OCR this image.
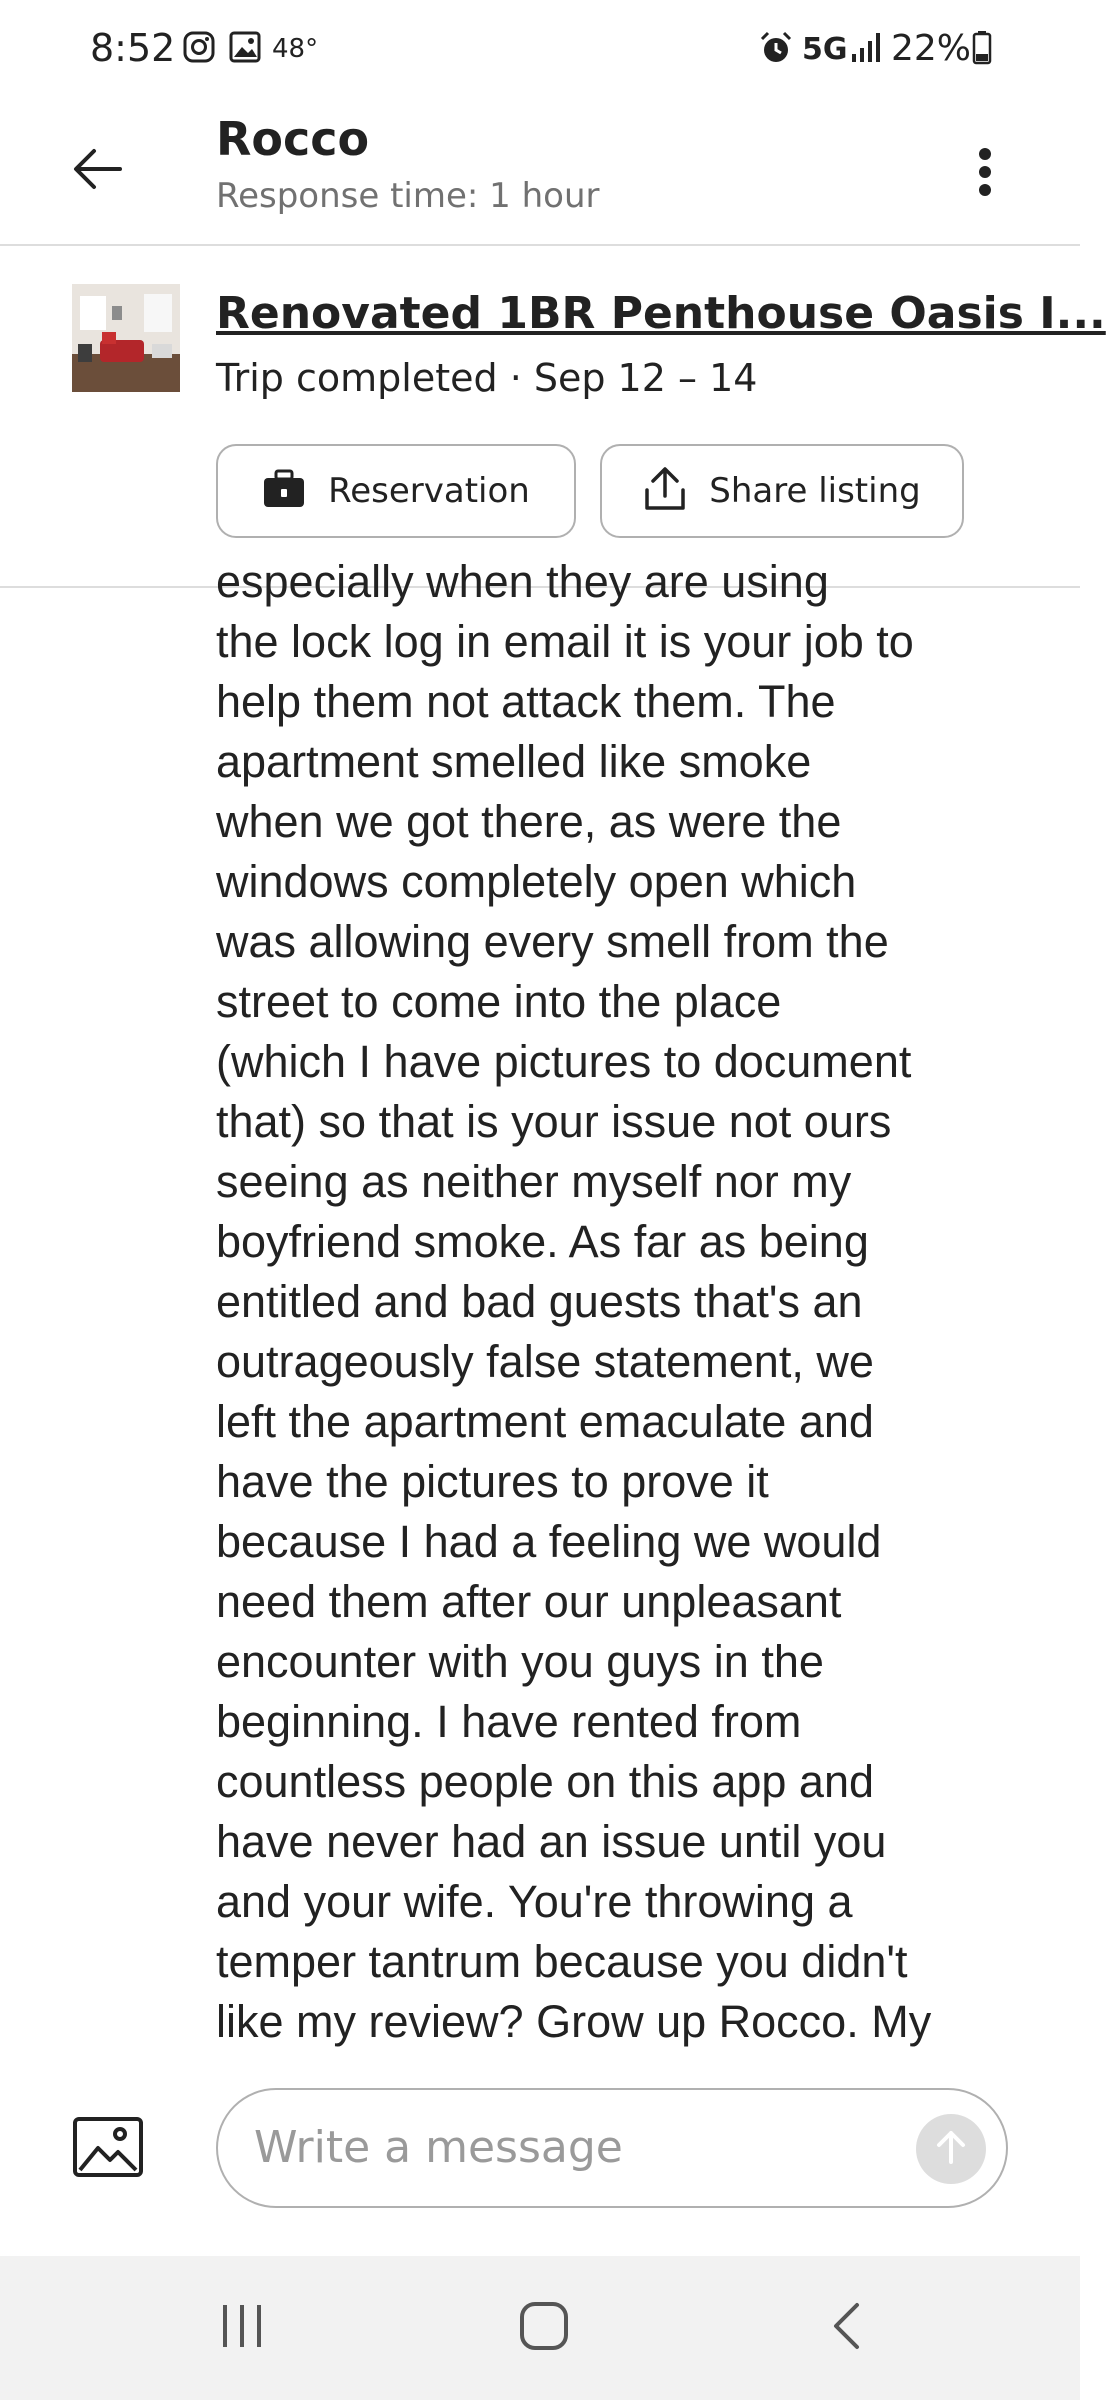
8:52	48°	5G 22%
Rocco
Response time: 1 hour
Renovated 1BR Penthouse Oasis I...
Trip completed · Sep 12 – 14
Reservation	Share listing
especially when they are using
the lock log in email it is your job to
help them not attack them. The
apartment smelled like smoke
when we got there, as were the
windows completely open which
was allowing every smell from the
street to come into the place
(which I have pictures to document
that) so that is your issue not ours
seeing as neither myself nor my
boyfriend smoke. As far as being
entitled and bad guests that's an
outrageously false statement, we
left the apartment emaculate and
have the pictures to prove it
because I had a feeling we would
need them after our unpleasant
encounter with you guys in the
beginning. I have rented from
countless people on this app and
have never had an issue until you
and your wife. You're throwing a
temper tantrum because you didn't
like my review? Grow up Rocco. My
Write a message
